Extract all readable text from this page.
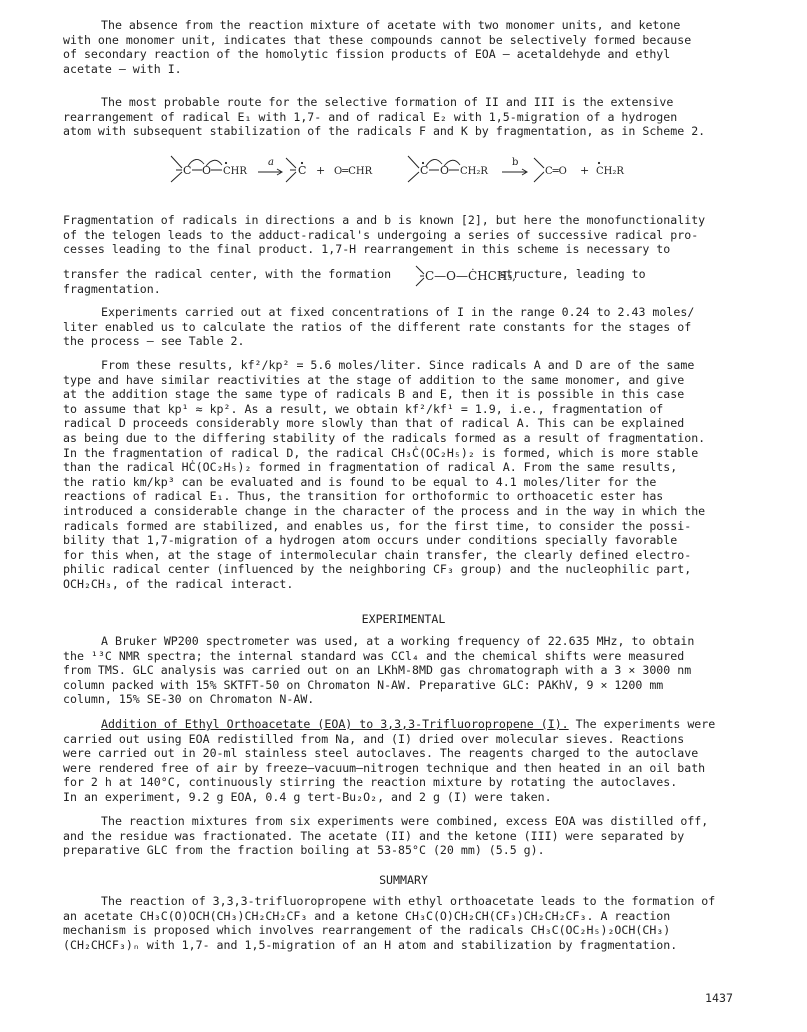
The absence from the reaction mixture of acetate with two monomer units, and ketone
with one monomer unit, indicates that these compounds cannot be selectively formed because
of secondary reaction of the homolytic fission products of EOA — acetaldehyde and ethyl
acetate — with I.

The most probable route for the selective formation of II and III is the extensive
rearrangement of radical E₁ with 1,7- and of radical E₂ with 1,5-migration of a hydrogen
atom with subsequent stabilization of the radicals F and K by fragmentation, as in Scheme 2.

C O CHR
a
C + O═CHR	C O CH₂R
b
C═O + CH₂R

Fragmentation of radicals in directions a and b is known [2], but here the monofunctionality
of the telogen leads to the adduct-radical's undergoing a series of successive radical pro-
cesses leading to the final product. 1,7-H rearrangement in this scheme is necessary to

transfer the radical center, with the formation	structure, leading to

C—O—ĊHCH₃,

fragmentation.

Experiments carried out at fixed concentrations of I in the range 0.24 to 2.43 moles/
liter enabled us to calculate the ratios of the different rate constants for the stages of
the process — see Table 2.

From these results, kf²/kp² = 5.6 moles/liter. Since radicals A and D are of the same
type and have similar reactivities at the stage of addition to the same monomer, and give
at the addition stage the same type of radicals B and E, then it is possible in this case
to assume that kp¹ ≈ kp². As a result, we obtain kf²/kf¹ = 1.9, i.e., fragmentation of
radical D proceeds considerably more slowly than that of radical A. This can be explained
as being due to the differing stability of the radicals formed as a result of fragmentation.
In the fragmentation of radical D, the radical CH₃Ċ(OC₂H₅)₂ is formed, which is more stable
than the radical HĊ(OC₂H₅)₂ formed in fragmentation of radical A. From the same results,
the ratio km/kp³ can be evaluated and is found to be equal to 4.1 moles/liter for the
reactions of radical E₁. Thus, the transition for orthoformic to orthoacetic ester has
introduced a considerable change in the character of the process and in the way in which the
radicals formed are stabilized, and enables us, for the first time, to consider the possi-
bility that 1,7-migration of a hydrogen atom occurs under conditions specially favorable
for this when, at the stage of intermolecular chain transfer, the clearly defined electro-
philic radical center (influenced by the neighboring CF₃ group) and the nucleophilic part,
OCH₂CH₃, of the radical interact.

EXPERIMENTAL

A Bruker WP200 spectrometer was used, at a working frequency of 22.635 MHz, to obtain
the ¹³C NMR spectra; the internal standard was CCl₄ and the chemical shifts were measured
from TMS. GLC analysis was carried out on an LKhM-8MD gas chromatograph with a 3 × 3000 nm
column packed with 15% SKTFT-50 on Chromaton N-AW. Preparative GLC: PAKhV, 9 × 1200 mm
column, 15% SE-30 on Chromaton N-AW.

Addition of Ethyl Orthoacetate (EOA) to 3,3,3-Trifluoropropene (I). The experiments were
carried out using EOA redistilled from Na, and (I) dried over molecular sieves. Reactions
were carried out in 20-ml stainless steel autoclaves. The reagents charged to the autoclave
were rendered free of air by freeze—vacuum—nitrogen technique and then heated in an oil bath
for 2 h at 140°C, continuously stirring the reaction mixture by rotating the autoclaves.
In an experiment, 9.2 g EOA, 0.4 g tert-Bu₂O₂, and 2 g (I) were taken.

The reaction mixtures from six experiments were combined, excess EOA was distilled off,
and the residue was fractionated. The acetate (II) and the ketone (III) were separated by
preparative GLC from the fraction boiling at 53-85°C (20 mm) (5.5 g).

SUMMARY

The reaction of 3,3,3-trifluoropropene with ethyl orthoacetate leads to the formation of
an acetate CH₃C(O)OCH(CH₃)CH₂CH₂CF₃ and a ketone CH₃C(O)CH₂CH(CF₃)CH₂CH₂CF₃. A reaction
mechanism is proposed which involves rearrangement of the radicals CH₃C(OC₂H₅)₂OCH(CH₃)
(CH₂CHCF₃)ₙ with 1,7- and 1,5-migration of an H atom and stabilization by fragmentation.

1437
